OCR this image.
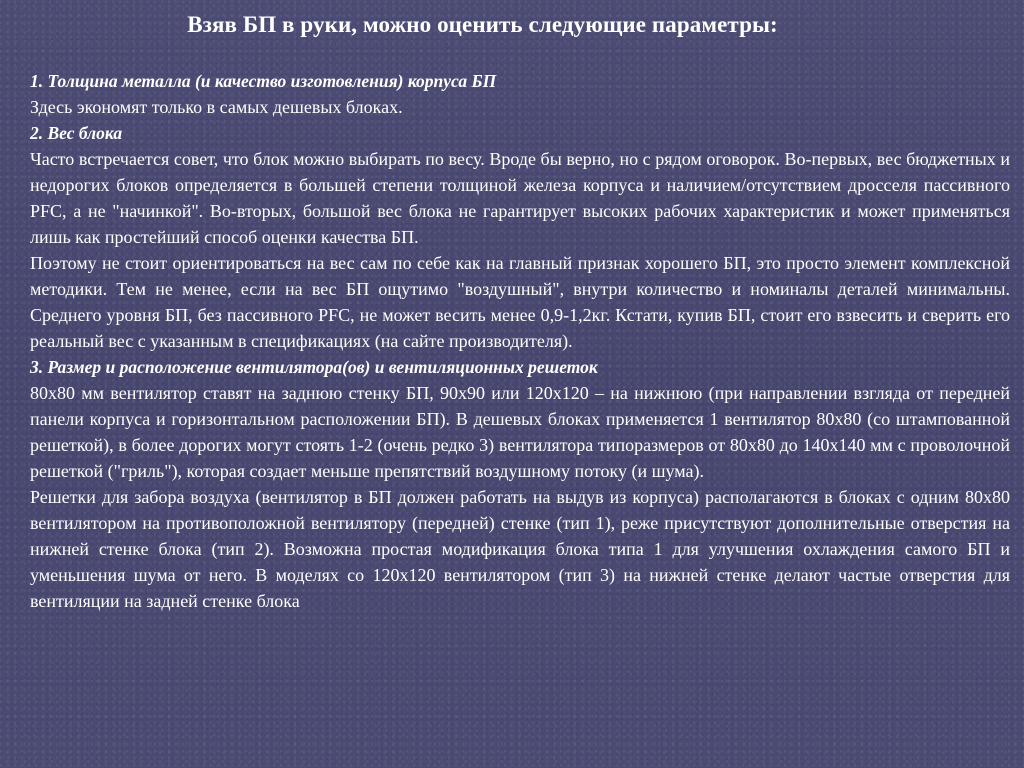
Взяв БП в руки, можно оценить следующие параметры:
1. Толщина металла (и качество изготовления) корпуса БП
Здесь экономят только в самых дешевых блоках.
2. Вес блока
Часто встречается совет, что блок можно выбирать по весу. Вроде бы верно, но с рядом оговорок. Во-первых, вес бюджетных и недорогих блоков определяется в большей степени толщиной железа корпуса и наличием/отсутствием дросселя пассивного PFC, а не "начинкой". Во-вторых, большой вес блока не гарантирует высоких рабочих характеристик и может применяться лишь как простейший способ оценки качества БП.
Поэтому не стоит ориентироваться на вес сам по себе как на главный признак хорошего БП, это просто элемент комплексной методики. Тем не менее, если на вес БП ощутимо "воздушный", внутри количество и номиналы деталей минимальны. Среднего уровня БП, без пассивного PFC, не может весить менее 0,9-1,2кг. Кстати, купив БП, стоит его взвесить и сверить его реальный вес с указанным в спецификациях (на сайте производителя).
3. Размер и расположение вентилятора(ов) и вентиляционных решеток
80х80 мм вентилятор ставят на заднюю стенку БП, 90х90 или 120х120 – на нижнюю (при направлении взгляда от передней панели корпуса и горизонтальном расположении БП). В дешевых блоках применяется 1 вентилятор 80х80 (со штампованной решеткой), в более дорогих могут стоять 1-2 (очень редко 3) вентилятора типоразмеров от 80х80 до 140х140 мм с проволочной решеткой ("гриль"), которая создает меньше препятствий воздушному потоку (и шума).
Решетки для забора воздуха (вентилятор в БП должен работать на выдув из корпуса) располагаются в блоках с одним 80х80 вентилятором на противоположной вентилятору (передней) стенке (тип 1), реже присутствуют дополнительные отверстия на нижней стенке блока (тип 2). Возможна простая модификация блока типа 1 для улучшения охлаждения самого БП и уменьшения шума от него. В моделях со 120х120 вентилятором (тип 3) на нижней стенке делают частые отверстия для вентиляции на задней стенке блока
